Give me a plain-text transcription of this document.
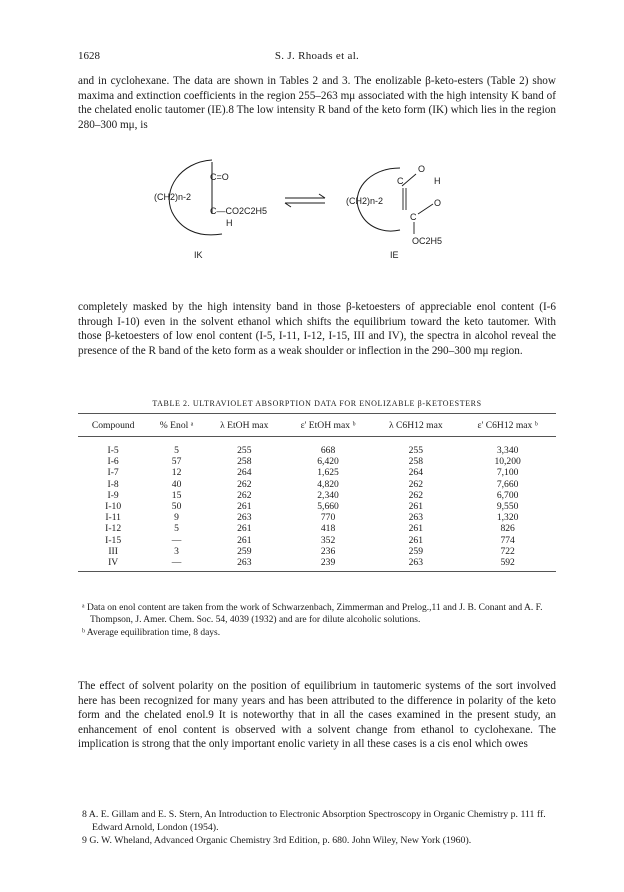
1628	S. J. Rhoads et al.

and in cyclohexane. The data are shown in Tables 2 and 3. The enolizable β-keto-esters (Table 2) show maxima and extinction coefficients in the region 255–263 mμ associated with the high intensity K band of the chelated enolic tautomer (IE).8 The low intensity R band of the keto form (IK) which lies in the region 280–300 mμ, is

(CH2)n-2
C=O
C—CO2C2H5
H
IK
(CH2)n-2
C
O
H
C
O
OC2H5
IE

completely masked by the high intensity band in those β-ketoesters of appreciable enol content (I-6 through I-10) even in the solvent ethanol which shifts the equilibrium toward the keto tautomer. With those β-ketoesters of low enol content (I-5, I-11, I-12, I-15, III and IV), the spectra in alcohol reveal the presence of the R band of the keto form as a weak shoulder or inflection in the 290–300 mμ region.

TABLE 2. ULTRAVIOLET ABSORPTION DATA FOR ENOLIZABLE β-KETOESTERS
Compound	% Enol ᵃ	λ EtOH max	ε' EtOH max ᵇ	λ C6H12 max	ε' C6H12 max ᵇ
I-5	5	255	668	255	3,340
I-6	57	258	6,420	258	10,200
I-7	12	264	1,625	264	7,100
I-8	40	262	4,820	262	7,660
I-9	15	262	2,340	262	6,700
I-10	50	261	5,660	261	9,550
I-11	9	263	770	263	1,320
I-12	5	261	418	261	826
I-15	—	261	352	261	774
III	3	259	236	259	722
IV	—	263	239	263	592

ᵃ Data on enol content are taken from the work of Schwarzenbach, Zimmerman and Prelog.,11 and J. B. Conant and A. F. Thompson, J. Amer. Chem. Soc. 54, 4039 (1932) and are for dilute alcoholic solutions.

ᵇ Average equilibration time, 8 days.

The effect of solvent polarity on the position of equilibrium in tautomeric systems of the sort involved here has been recognized for many years and has been attributed to the difference in polarity of the keto form and the chelated enol.9 It is noteworthy that in all the cases examined in the present study, an enhancement of enol content is observed with a solvent change from ethanol to cyclohexane. The implication is strong that the only important enolic variety in all these cases is a cis enol which owes

8 A. E. Gillam and E. S. Stern, An Introduction to Electronic Absorption Spectroscopy in Organic Chemistry p. 111 ff. Edward Arnold, London (1954).

9 G. W. Wheland, Advanced Organic Chemistry 3rd Edition, p. 680. John Wiley, New York (1960).
